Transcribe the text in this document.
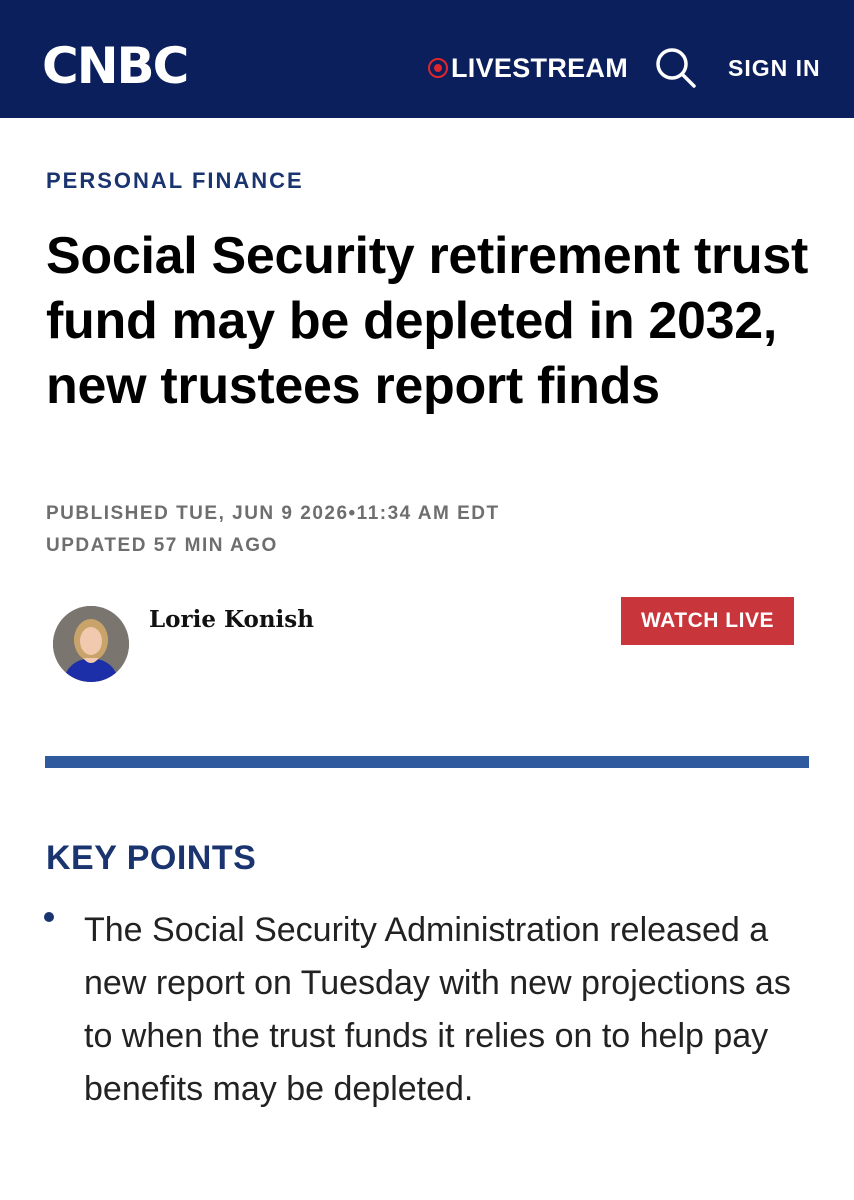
CNBC	LIVESTREAM	SIGN IN
PERSONAL FINANCE
Social Security retirement trust fund may be depleted in 2032, new trustees report finds
PUBLISHED TUE, JUN 9 2026•11:34 AM EDT
UPDATED 57 MIN AGO
Lorie Konish	WATCH LIVE
KEY POINTS

The Social Security Administration released a new report on Tuesday with new projections as to when the trust funds it relies on to help pay benefits may be depleted.
